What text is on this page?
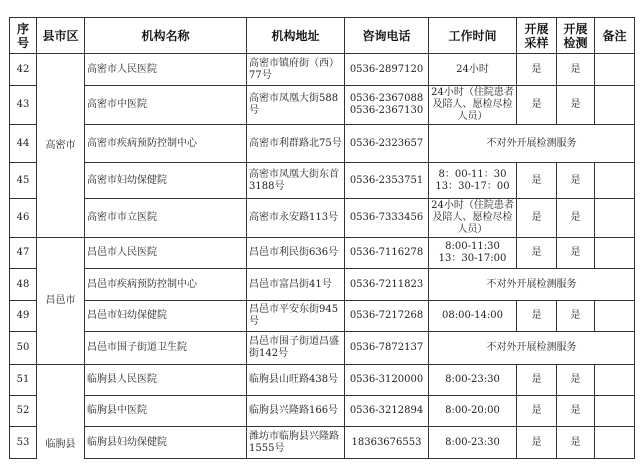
序
号	县市区	机构名称	机构地址	咨询电话	工作时间	开展
采样	开展
检测	备注
42	高密市	高密市人民医院	高密市镇府街（西）77号	0536-2897120	24小时	是	是	
43		高密市中医院	高密市凤凰大街588号	0536-2367088
0536-2367130	24小时（住院患者及陪人、愿检尽检人员）	是	是	
44		高密市疾病预防控制中心	高密市利群路北75号	0536-2323657	不对外开展检测服务			
45		高密市妇幼保健院	高密市凤凰大街东首3188号	0536-2353751	8：00-11：30
13：30-17：00	是	是	
46		高密市市立医院	高密市永安路113号	0536-7333456	24小时（住院患者及陪人、愿检尽检人员）	是	是	
47	昌邑市	昌邑市人民医院	昌邑市利民街636号	0536-7116278	8:00-11:30
13：30-17:00	是	是	
48		昌邑市疾病预防控制中心	昌邑市富昌街41号	0536-7211823	不对外开展检测服务			
49		昌邑市妇幼保健院	昌邑市平安东街945号	0536-7217268	08:00-14:00	是	是	
50		昌邑市围子街道卫生院	昌邑市围子街道昌盛街142号	0536-7872137	不对外开展检测服务			
51	临朐县	临朐县人民医院	临朐县山旺路438号	0536-3120000	8:00-23:30	是	是	
52		临朐县中医院	临朐县兴隆路166号	0536-3212894	8:00-20:00	是	是	
53		临朐县妇幼保健院	潍坊市临朐县兴隆路1555号	18363676553	8:00-23:30	是	是	
